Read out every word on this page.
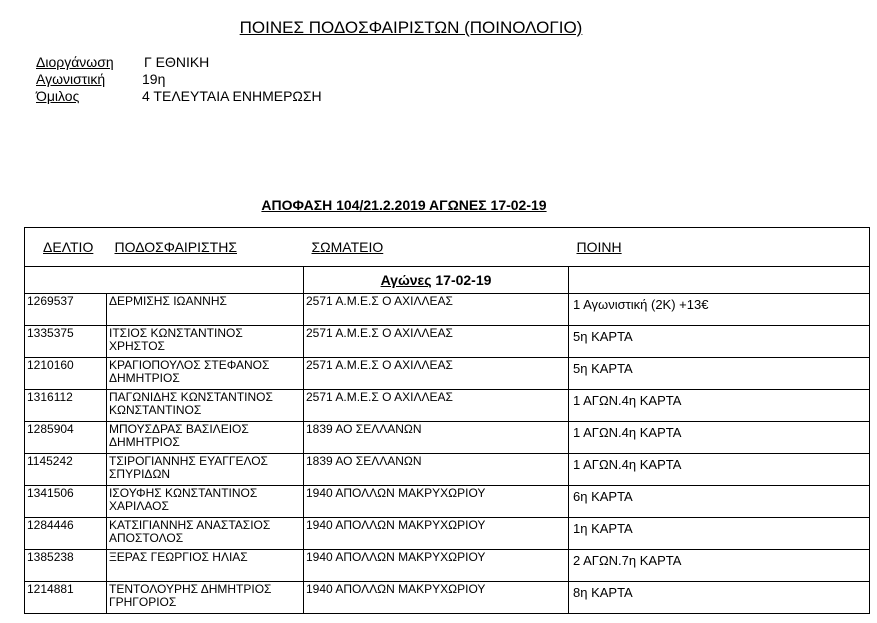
ΠΟΙΝΕΣ ΠΟΔΟΣΦΑΙΡΙΣΤΩΝ (ΠΟΙΝΟΛΟΓΙΟ)
Διοργάνωση	Γ ΕΘΝΙΚΗ
Αγωνιστική	19η
Όμιλος	4 ΤΕΛΕΥΤΑΙΑ ΕΝΗΜΕΡΩΣΗ
ΑΠΟΦΑΣΗ 104/21.2.2019 ΑΓΩΝΕΣ 17-02-19
ΔΕΛΤΙΟ	ΠΟΔΟΣΦΑΙΡΙΣΤΗΣ	ΣΩΜΑΤΕΙΟ	ΠΟΙΝΗ
		Αγώνες 17-02-19	
1269537	ΔΕΡΜΙΣΗΣ ΙΩΑΝΝΗΣ	2571 Α.Μ.Ε.Σ Ο ΑΧΙΛΛΕΑΣ	1 Αγωνιστική (2Κ) +13€
1335375	ΙΤΣΙΟΣ ΚΩΝΣΤΑΝΤΙΝΟΣ ΧΡΗΣΤΟΣ	2571 Α.Μ.Ε.Σ Ο ΑΧΙΛΛΕΑΣ	5η ΚΑΡΤΑ
1210160	ΚΡΑΓΙΟΠΟΥΛΟΣ ΣΤΕΦΑΝΟΣ ΔΗΜΗΤΡΙΟΣ	2571 Α.Μ.Ε.Σ Ο ΑΧΙΛΛΕΑΣ	5η ΚΑΡΤΑ
1316112	ΠΑΓΩΝΙΔΗΣ ΚΩΝΣΤΑΝΤΙΝΟΣ ΚΩΝΣΤΑΝΤΙΝΟΣ	2571 Α.Μ.Ε.Σ Ο ΑΧΙΛΛΕΑΣ	1 ΑΓΩΝ.4η ΚΑΡΤΑ
1285904	ΜΠΟΥΣΔΡΑΣ ΒΑΣΙΛΕΙΟΣ ΔΗΜΗΤΡΙΟΣ	1839 ΑΟ ΣΕΛΛΑΝΩΝ	1 ΑΓΩΝ.4η ΚΑΡΤΑ
1145242	ΤΣΙΡΟΓΙΑΝΝΗΣ ΕΥΑΓΓΕΛΟΣ ΣΠΥΡΙΔΩΝ	1839 ΑΟ ΣΕΛΛΑΝΩΝ	1 ΑΓΩΝ.4η ΚΑΡΤΑ
1341506	ΙΣΟΥΦΗΣ ΚΩΝΣΤΑΝΤΙΝΟΣ ΧΑΡΙΛΑΟΣ	1940 ΑΠΟΛΛΩΝ ΜΑΚΡΥΧΩΡΙΟΥ	6η ΚΑΡΤΑ
1284446	ΚΑΤΣΙΓΙΑΝΝΗΣ ΑΝΑΣΤΑΣΙΟΣ ΑΠΟΣΤΟΛΟΣ	1940 ΑΠΟΛΛΩΝ ΜΑΚΡΥΧΩΡΙΟΥ	1η ΚΑΡΤΑ
1385238	ΞΕΡΑΣ ΓΕΩΡΓΙΟΣ ΗΛΙΑΣ	1940 ΑΠΟΛΛΩΝ ΜΑΚΡΥΧΩΡΙΟΥ	2 ΑΓΩΝ.7η ΚΑΡΤΑ
1214881	ΤΕΝΤΟΛΟΥΡΗΣ ΔΗΜΗΤΡΙΟΣ ΓΡΗΓΟΡΙΟΣ	1940 ΑΠΟΛΛΩΝ ΜΑΚΡΥΧΩΡΙΟΥ	8η ΚΑΡΤΑ
